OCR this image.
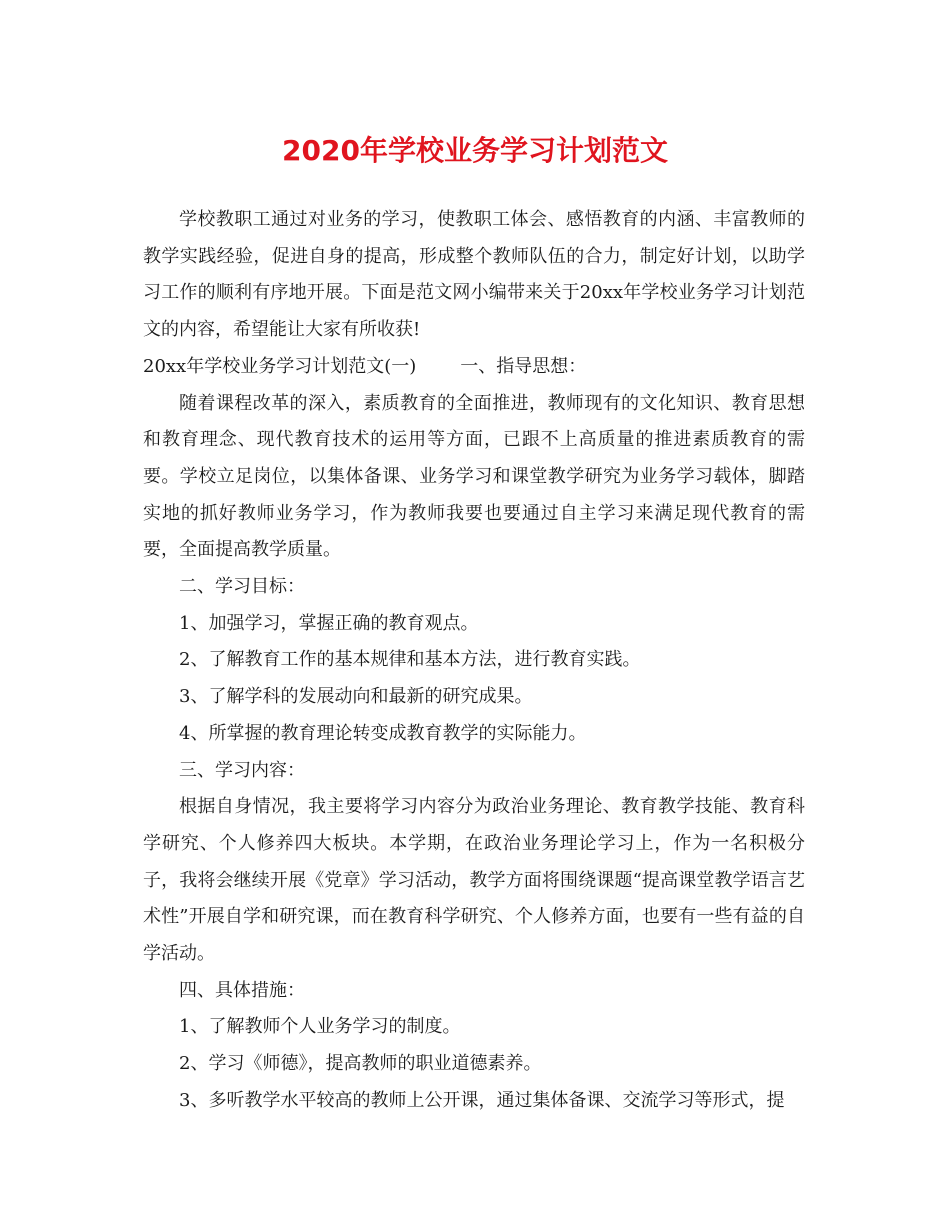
2020年学校业务学习计划范文

学校教职工通过对业务的学习，使教职工体会、感悟教育的内涵、丰富教师的教学实践经验，促进自身的提高，形成整个教师队伍的合力，制定好计划，以助学习工作的顺利有序地开展。下面是范文网小编带来关于20xx年学校业务学习计划范文的内容，希望能让大家有所收获!

20xx年学校业务学习计划范文(一) 一、指导思想：

随着课程改革的深入，素质教育的全面推进，教师现有的文化知识、教育思想和教育理念、现代教育技术的运用等方面，已跟不上高质量的推进素质教育的需要。学校立足岗位，以集体备课、业务学习和课堂教学研究为业务学习载体，脚踏实地的抓好教师业务学习，作为教师我要也要通过自主学习来满足现代教育的需要，全面提高教学质量。

二、学习目标：

1、加强学习，掌握正确的教育观点。

2、了解教育工作的基本规律和基本方法，进行教育实践。

3、了解学科的发展动向和最新的研究成果。

4、所掌握的教育理论转变成教育教学的实际能力。

三、学习内容：

根据自身情况，我主要将学习内容分为政治业务理论、教育教学技能、教育科学研究、个人修养四大板块。本学期，在政治业务理论学习上，作为一名积极分子，我将会继续开展《党章》学习活动，教学方面将围绕课题“提高课堂教学语言艺术性”开展自学和研究课，而在教育科学研究、个人修养方面，也要有一些有益的自学活动。

四、具体措施：

1、了解教师个人业务学习的制度。

2、学习《师德》，提高教师的职业道德素养。

3、多听教学水平较高的教师上公开课，通过集体备课、交流学习等形式，提
